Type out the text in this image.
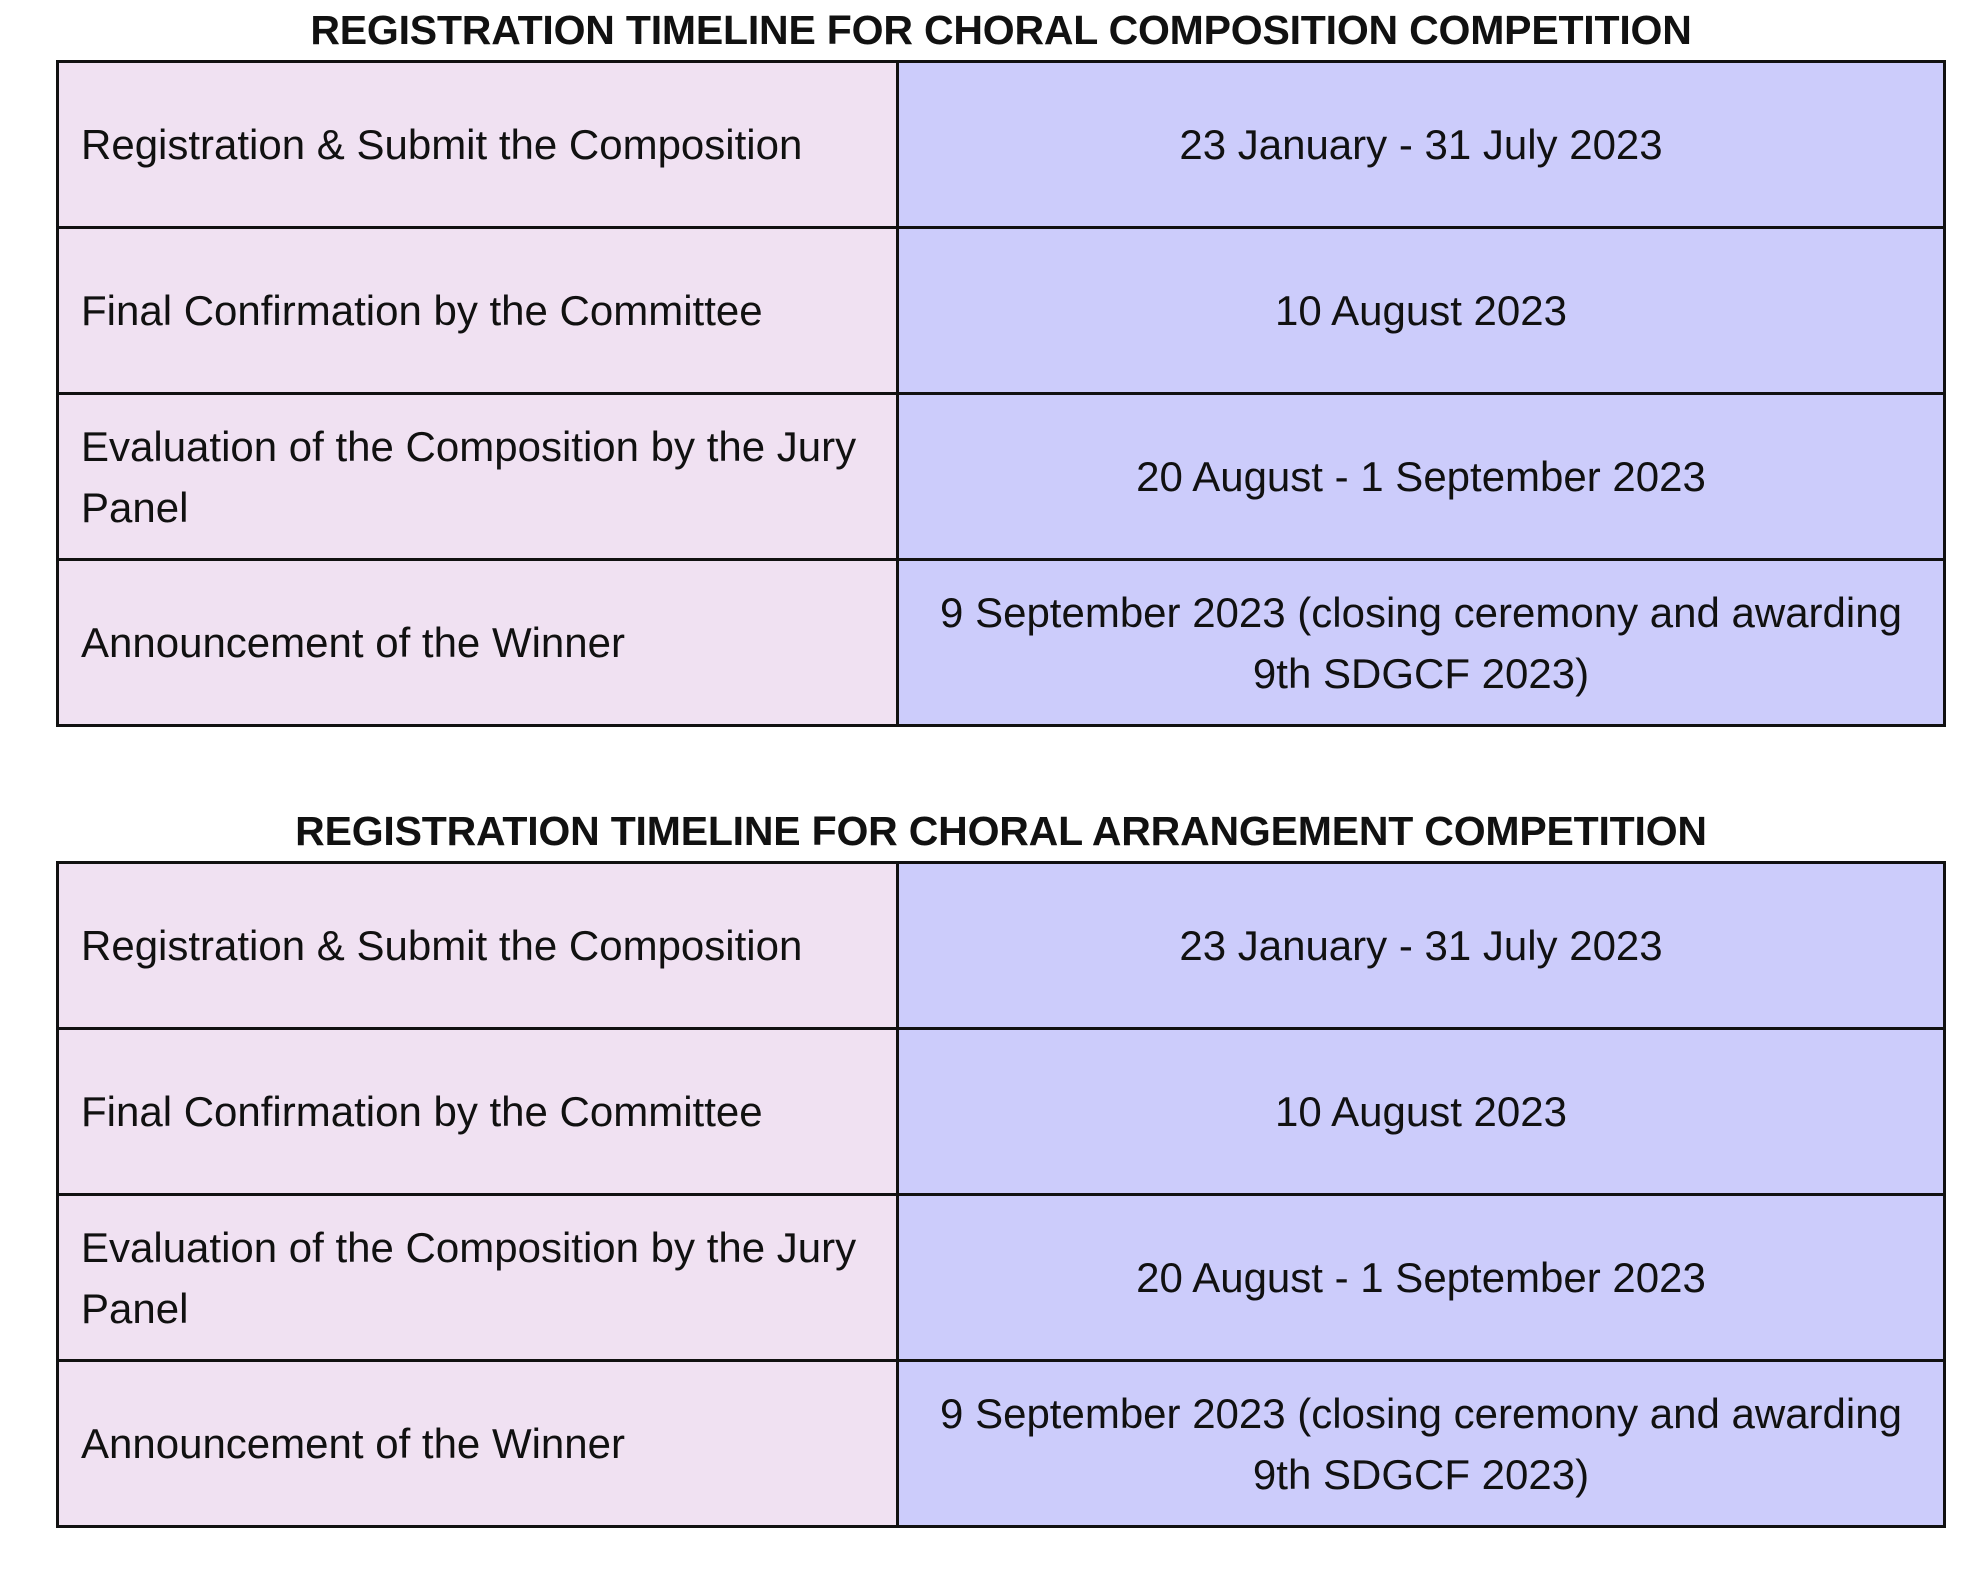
REGISTRATION TIMELINE FOR CHORAL COMPOSITION COMPETITION
Registration & Submit the Composition	23 January - 31 July 2023
Final Confirmation by the Committee	10 August 2023
Evaluation of the Composition by the Jury Panel	20 August - 1 September 2023
Announcement of the Winner	9 September 2023 (closing ceremony and awarding 9th SDGCF 2023)
REGISTRATION TIMELINE FOR CHORAL ARRANGEMENT COMPETITION
Registration & Submit the Composition	23 January - 31 July 2023
Final Confirmation by the Committee	10 August 2023
Evaluation of the Composition by the Jury Panel	20 August - 1 September 2023
Announcement of the Winner	9 September 2023 (closing ceremony and awarding 9th SDGCF 2023)
